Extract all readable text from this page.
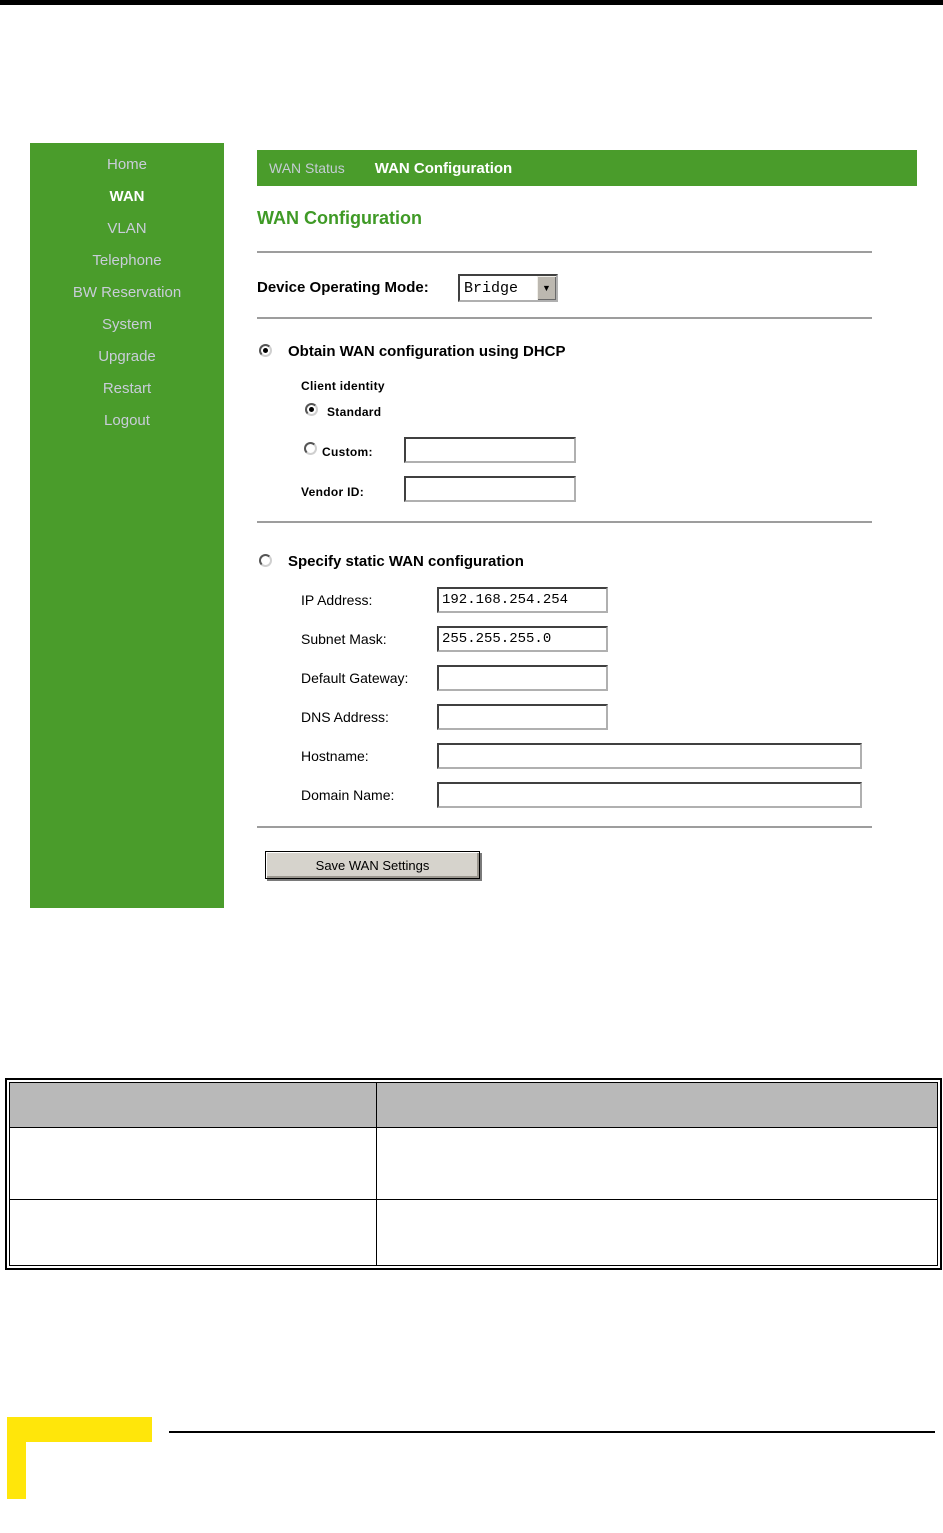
Home
WAN
VLAN
Telephone
BW Reservation
System
Upgrade
Restart
Logout
WAN Status WAN Configuration
WAN Configuration
Device Operating Mode: Bridge	▼
Obtain WAN configuration using DHCP
Client identity
Standard
Custom:
Vendor ID:
Specify static WAN configuration
IP Address:
192.168.254.254
Subnet Mask:
255.255.255.0
Default Gateway:
DNS Address:
Hostname:
Domain Name:
Save WAN Settings
